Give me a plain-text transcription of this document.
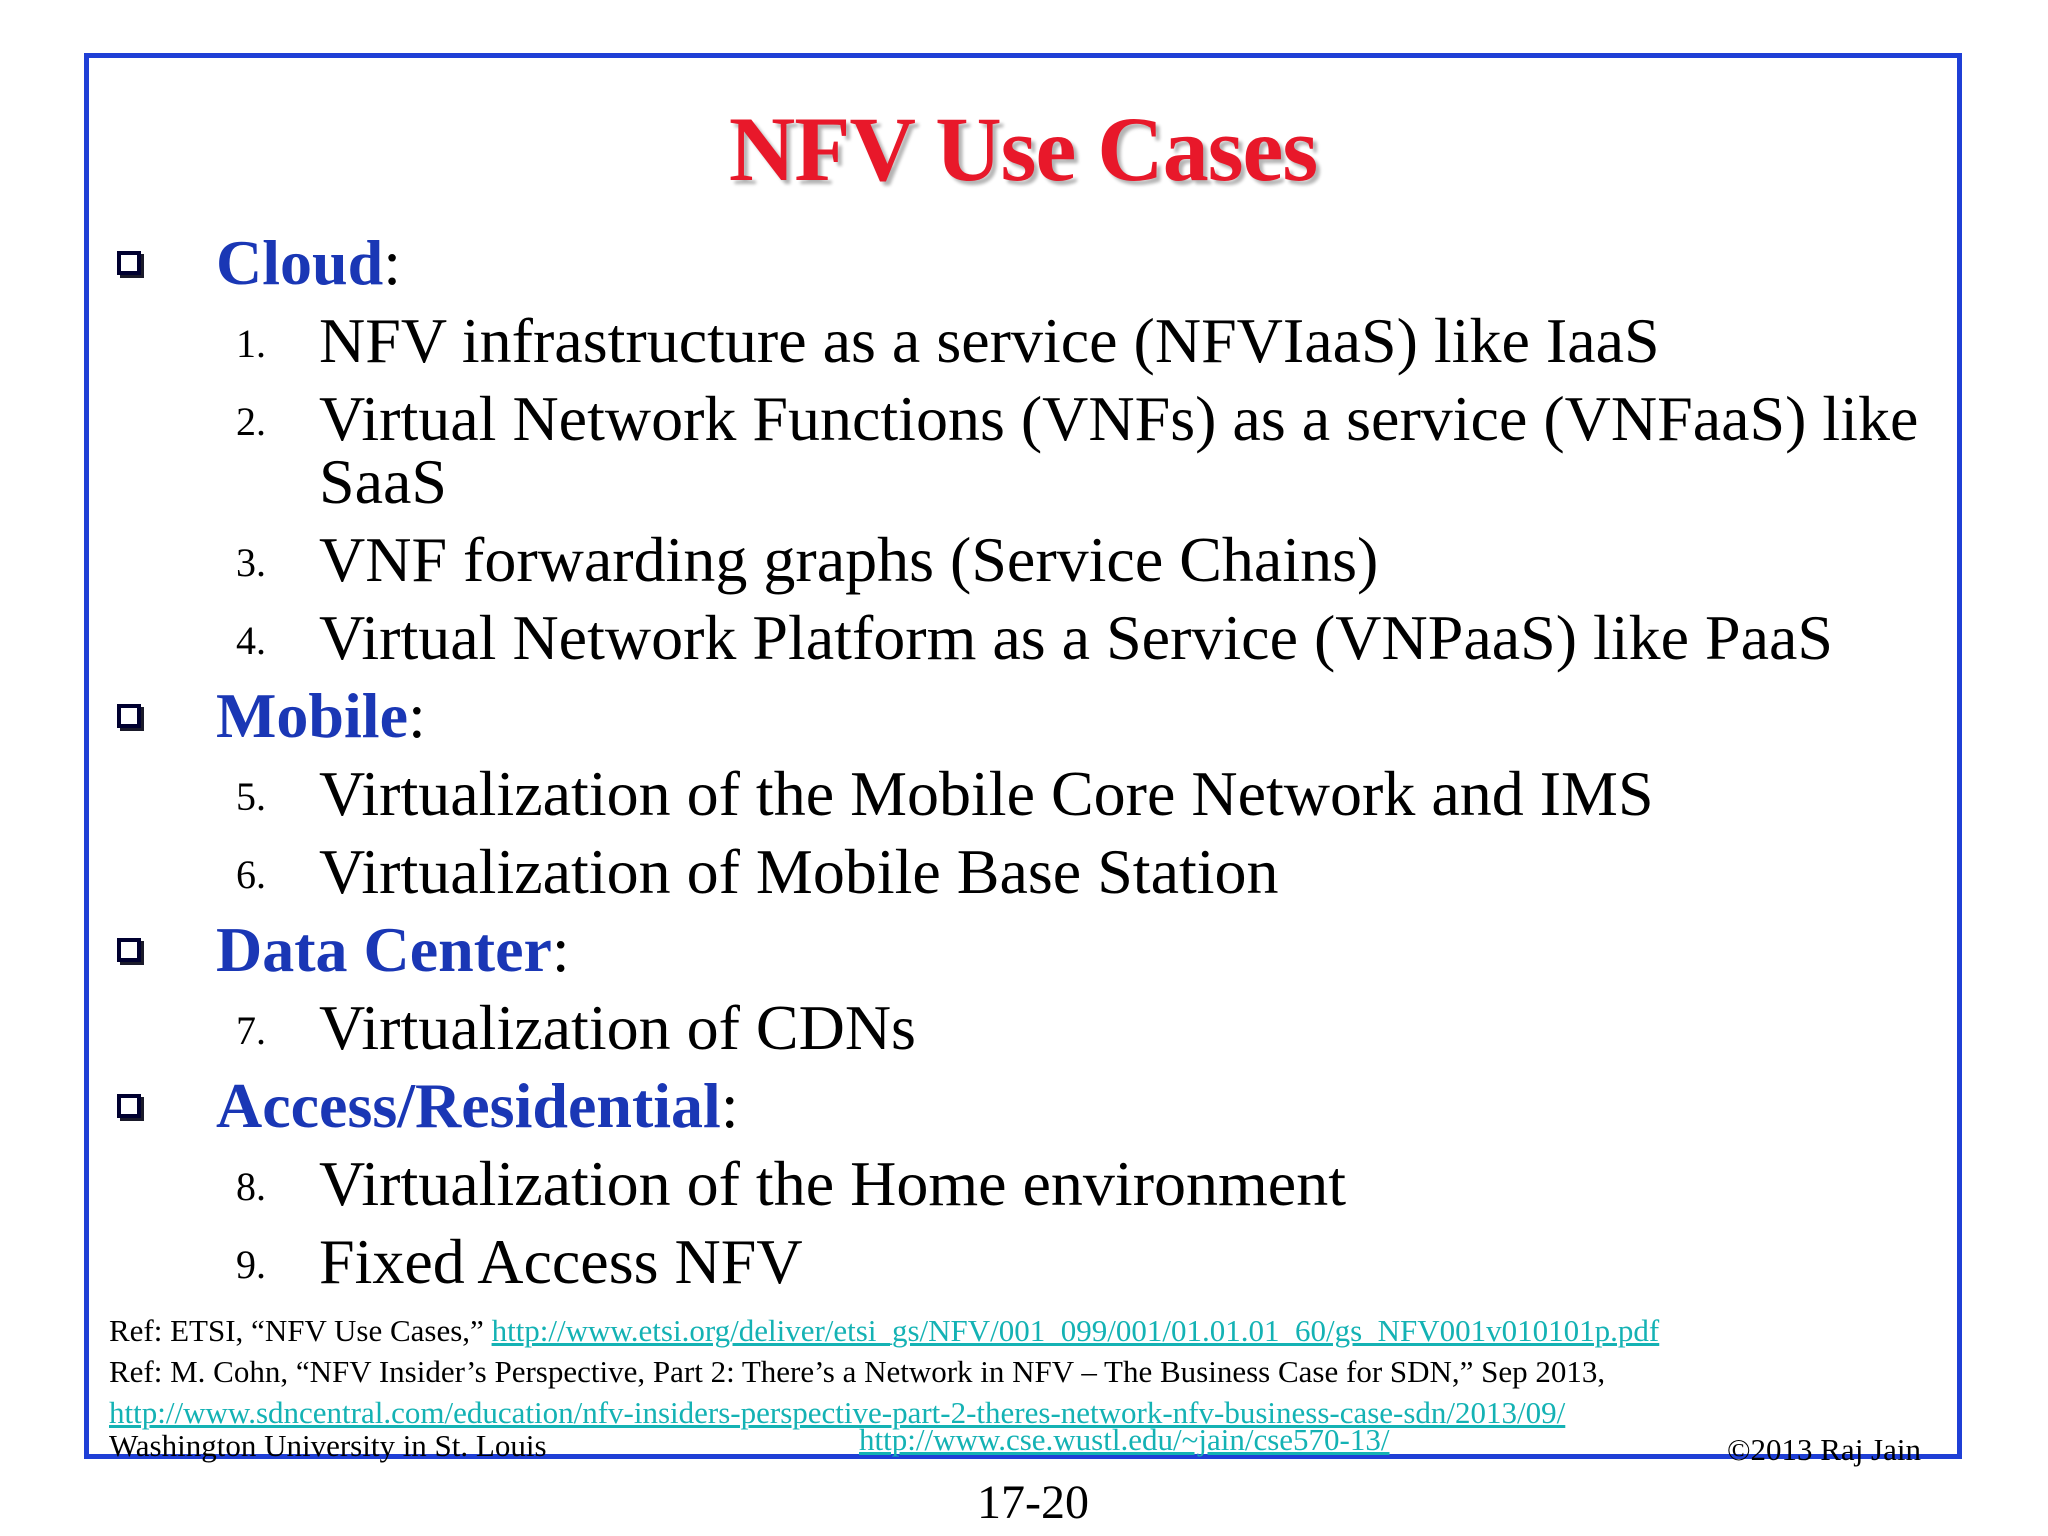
NFV Use Cases
Cloud:
1. NFV infrastructure as a service (NFVIaaS) like IaaS
2. Virtual Network Functions (VNFs) as a service (VNFaaS) like SaaS
3. VNF forwarding graphs (Service Chains)
4. Virtual Network Platform as a Service (VNPaaS) like PaaS
Mobile:
5. Virtualization of the Mobile Core Network and IMS
6. Virtualization of Mobile Base Station
Data Center:
7. Virtualization of CDNs
Access/Residential:
8. Virtualization of the Home environment
9. Fixed Access NFV
Ref: ETSI, “NFV Use Cases,” http://www.etsi.org/deliver/etsi_gs/NFV/001_099/001/01.01.01_60/gs_NFV001v010101p.pdf
Ref: M. Cohn, “NFV Insider’s Perspective, Part 2: There’s a Network in NFV – The Business Case for SDN,” Sep 2013,
http://www.sdncentral.com/education/nfv-insiders-perspective-part-2-theres-network-nfv-business-case-sdn/2013/09/
Washington University in St. Louis	http://www.cse.wustl.edu/~jain/cse570-13/	©2013 Raj Jain
17-20
